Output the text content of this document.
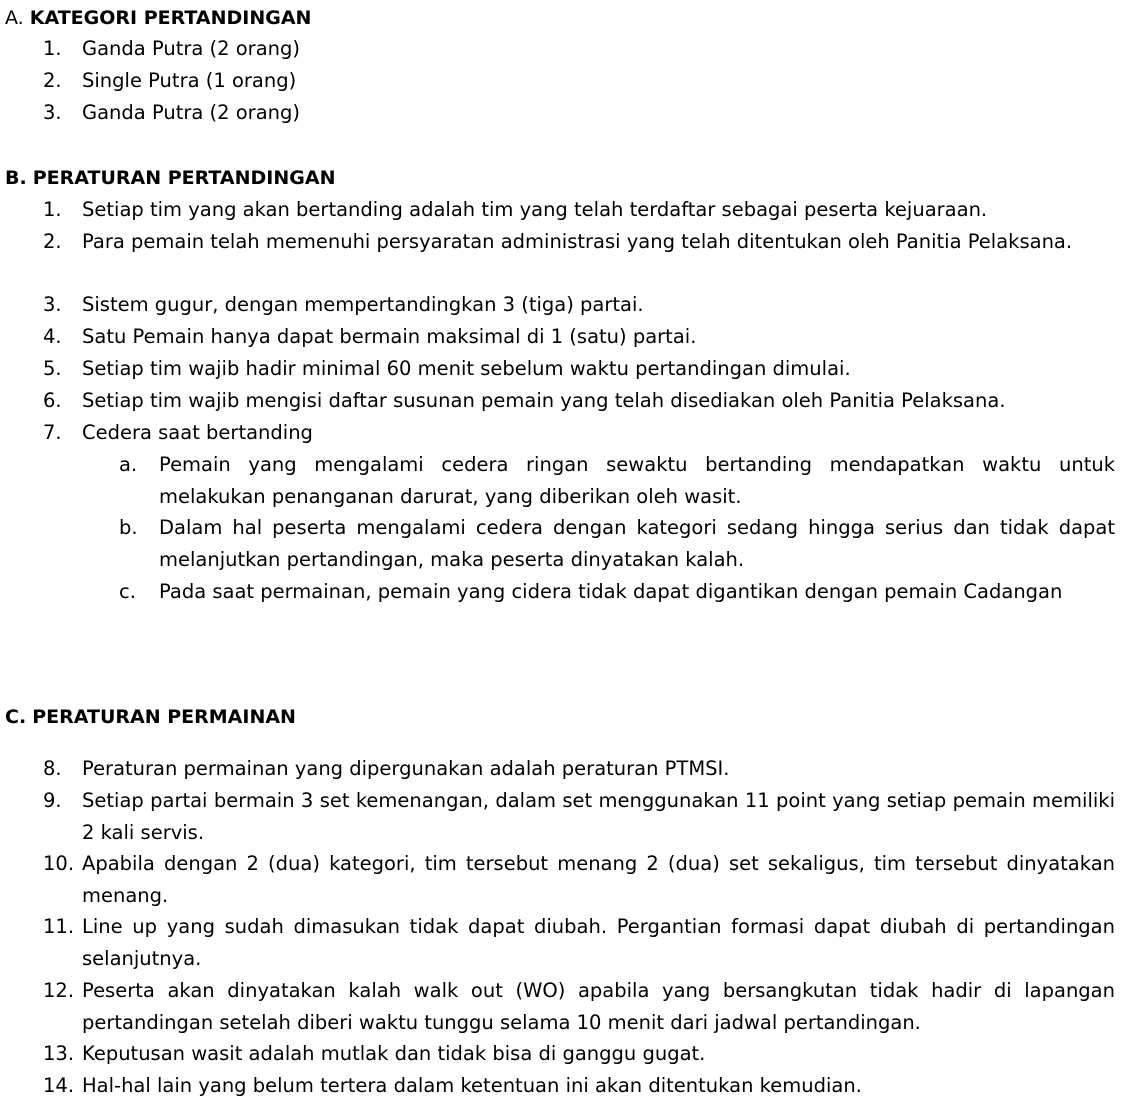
A. KATEGORI PERTANDINGAN
1.	Ganda Putra (2 orang)
2.	Single Putra (1 orang)
3.	Ganda Putra (2 orang)
B. PERATURAN PERTANDINGAN
1.	Setiap tim yang akan bertanding adalah tim yang telah terdaftar sebagai peserta kejuaraan.
2.	Para pemain telah memenuhi persyaratan administrasi yang telah ditentukan oleh Panitia Pelaksana.
3.	Sistem gugur, dengan mempertandingkan 3 (tiga) partai.
4.	Satu Pemain hanya dapat bermain maksimal di 1 (satu) partai.
5.	Setiap tim wajib hadir minimal 60 menit sebelum waktu pertandingan dimulai.
6.	Setiap tim wajib mengisi daftar susunan pemain yang telah disediakan oleh Panitia Pelaksana.
7.	Cedera saat bertanding
a.	Pemain yang mengalami cedera ringan sewaktu bertanding mendapatkan waktu untuk melakukan penanganan darurat, yang diberikan oleh wasit.
b.	Dalam hal peserta mengalami cedera dengan kategori sedang hingga serius dan tidak dapat melanjutkan pertandingan, maka peserta dinyatakan kalah.
c.	Pada saat permainan, pemain yang cidera tidak dapat digantikan dengan pemain Cadangan
C. PERATURAN PERMAINAN
8.	Peraturan permainan yang dipergunakan adalah peraturan PTMSI.
9.	Setiap partai bermain 3 set kemenangan, dalam set menggunakan 11 point yang setiap pemain memiliki 2 kali servis.
10. Apabila dengan 2 (dua) kategori, tim tersebut menang 2 (dua) set sekaligus, tim tersebut dinyatakan menang.
11. Line up yang sudah dimasukan tidak dapat diubah. Pergantian formasi dapat diubah di pertandingan selanjutnya.
12. Peserta akan dinyatakan kalah walk out (WO) apabila yang bersangkutan tidak hadir di lapangan pertandingan setelah diberi waktu tunggu selama 10 menit dari jadwal pertandingan.
13. Keputusan wasit adalah mutlak dan tidak bisa di ganggu gugat.
14. Hal-hal lain yang belum tertera dalam ketentuan ini akan ditentukan kemudian.
